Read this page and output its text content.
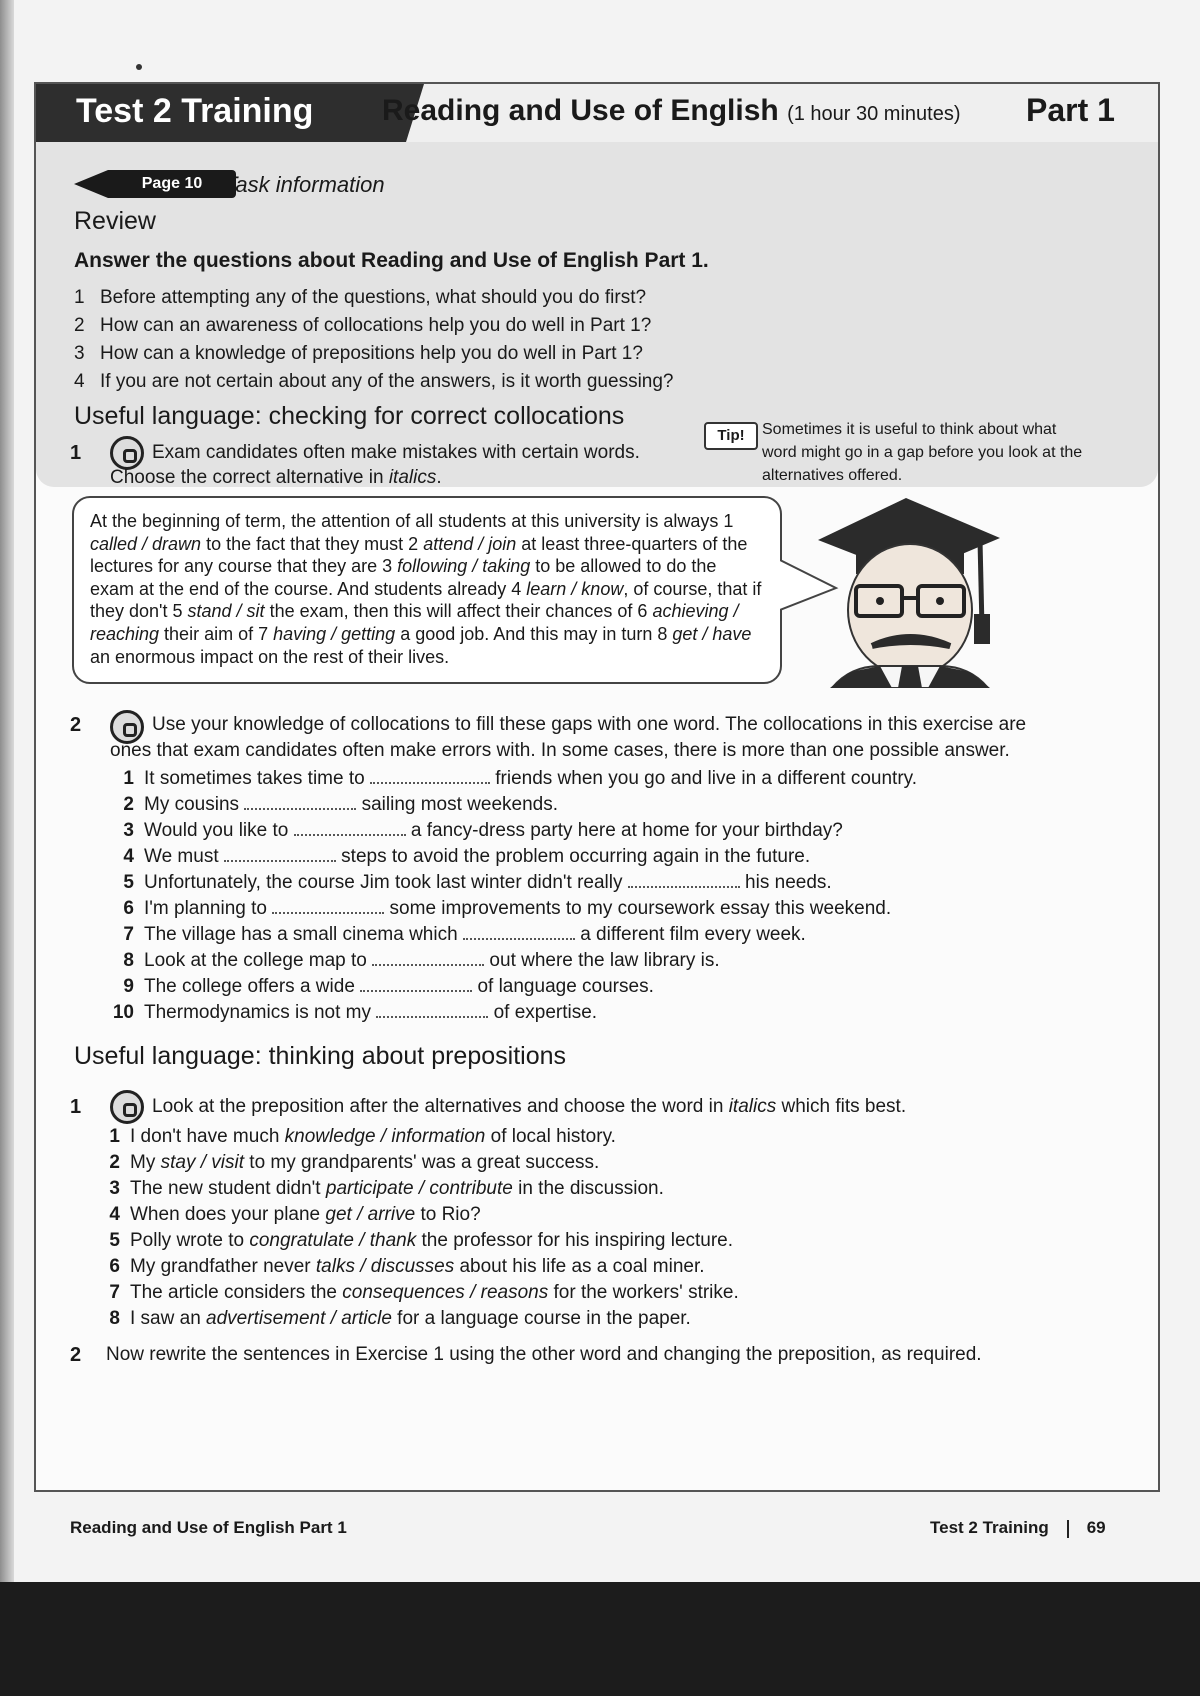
Test 2 Training Reading and Use of English (1 hour 30 minutes) Part 1
Page 10 Task information
Review
Answer the questions about Reading and Use of English Part 1.
1 Before attempting any of the questions, what should you do first?
2 How can an awareness of collocations help you do well in Part 1?
3 How can a knowledge of prepositions help you do well in Part 1?
4 If you are not certain about any of the answers, is it worth guessing?
Useful language: checking for correct collocations
1	Exam candidates often make mistakes with certain words.
Choose the correct alternative in italics.
Tip!	Sometimes it is useful to think about what word might go in a gap before you look at the alternatives offered.
At the beginning of term, the attention of all students at this university is always 1 called / drawn to the fact that they must 2 attend / join at least three-quarters of the lectures for any course that they are 3 following / taking to be allowed to do the exam at the end of the course. And students already 4 learn / know, of course, that if they don't 5 stand / sit the exam, then this will affect their chances of 6 achieving / reaching their aim of 7 having / getting a good job. And this may in turn 8 get / have an enormous impact on the rest of their lives.
2	Use your knowledge of collocations to fill these gaps with one word. The collocations in this exercise are
ones that exam candidates often make errors with. In some cases, there is more than one possible answer.
1 It sometimes takes time to	friends when you go and live in a different country.
2 My cousins	sailing most weekends.
3 Would you like to	a fancy-dress party here at home for your birthday?
4 We must	steps to avoid the problem occurring again in the future.
5 Unfortunately, the course Jim took last winter didn't really	his needs.
6 I'm planning to	some improvements to my coursework essay this weekend.
7 The village has a small cinema which	a different film every week.
8 Look at the college map to	out where the law library is.
9 The college offers a wide	of language courses.
10 Thermodynamics is not my	of expertise.
Useful language: thinking about prepositions
1	Look at the preposition after the alternatives and choose the word in italics which fits best.
1 I don't have much knowledge / information of local history.
2 My stay / visit to my grandparents' was a great success.
3 The new student didn't participate / contribute in the discussion.
4 When does your plane get / arrive to Rio?
5 Polly wrote to congratulate / thank the professor for his inspiring lecture.
6 My grandfather never talks / discusses about his life as a coal miner.
7 The article considers the consequences / reasons for the workers' strike.
8 I saw an advertisement / article for a language course in the paper.
2 Now rewrite the sentences in Exercise 1 using the other word and changing the preposition, as required.
Reading and Use of English Part 1	Test 2 Training 69
